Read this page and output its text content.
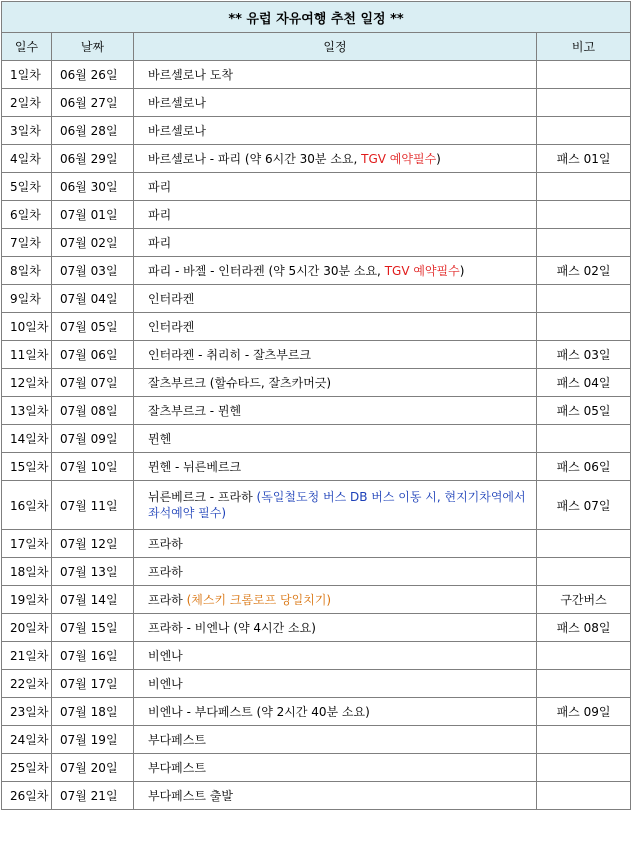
** 유럽 자유여행 추천 일정 **			
일수	날짜	일정	비고
1일차	06월 26일	바르셀로나 도착	
2일차	06월 27일	바르셀로나	
3일차	06월 28일	바르셀로나	
4일차	06월 29일	바르셀로나 - 파리 (약 6시간 30분 소요, TGV 예약필수)	패스 01일
5일차	06월 30일	파리	
6일차	07월 01일	파리	
7일차	07월 02일	파리	
8일차	07월 03일	파리 - 바젤 - 인터라켄 (약 5시간 30분 소요, TGV 예약필수)	패스 02일
9일차	07월 04일	인터라켄	
10일차	07월 05일	인터라켄	
11일차	07월 06일	인터라켄 - 취리히 - 잘츠부르크	패스 03일
12일차	07월 07일	잘츠부르크 (할슈타드, 잘츠카머긋)	패스 04일
13일차	07월 08일	잘츠부르크 - 뮌헨	패스 05일
14일차	07월 09일	뮌헨	
15일차	07월 10일	뮌헨 - 뉘른베르크	패스 06일
16일차	07월 11일	뉘른베르크 - 프라하 (독일철도청 버스 DB 버스 이동 시, 현지기차역에서 좌석예약 필수)	패스 07일
17일차	07월 12일	프라하	
18일차	07월 13일	프라하	
19일차	07월 14일	프라하 (체스키 크롬로프 당일치기)	구간버스
20일차	07월 15일	프라하 - 비엔나 (약 4시간 소요)	패스 08일
21일차	07월 16일	비엔나	
22일차	07월 17일	비엔나	
23일차	07월 18일	비엔나 - 부다페스트 (약 2시간 40분 소요)	패스 09일
24일차	07월 19일	부다페스트	
25일차	07월 20일	부다페스트	
26일차	07월 21일	부다페스트 출발	
